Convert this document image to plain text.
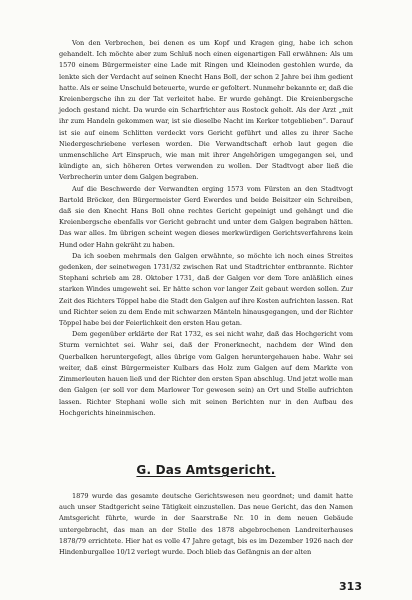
Von den Verbrechen, bei denen es um Kopf und Kragen ging, habe ich schon gehandelt. Ich möchte aber zum Schluß noch einen eigenartigen Fall erwähnen: Als um 1570 einem Bürgermeister eine Lade mit Ringen und Kleinoden gestohlen wurde, da lenkte sich der Verdacht auf seinen Knecht Hans Boll, der schon 2 Jahre bei ihm gedient hatte. Als er seine Unschuld beteuerte, wurde er gefoltert. Nunmehr bekannte er, daß die Kreienbergsche ihn zu der Tat verleitet habe. Er wurde gehängt. Die Kreienbergsche jedoch gestand nicht. Da wurde ein Scharfrichter aus Rostock geholt. Als der Arzt „mit ihr zum Handeln gekommen war, ist sie dieselbe Nacht im Kerker totgeblieben“. Darauf ist sie auf einem Schlitten verdeckt vors Gericht geführt und alles zu ihrer Sache Niedergeschriebene verlesen worden. Die Verwandtschaft erhob laut gegen die unmenschliche Art Einspruch, wie man mit ihrer Angehörigen umgegangen sei, und kündigte an, sich höheren Ortes verwenden zu wollen. Der Stadtvogt aber ließ die Verbrecherin unter dem Galgen begraben.

Auf die Beschwerde der Verwandten erging 1573 vom Fürsten an den Stadtvogt Bartold Bröcker, den Bürgermeister Gerd Ewerdes und beide Beisitzer ein Schreiben, daß sie den Knecht Hans Boll ohne rechtes Gericht gepeinigt und gehängt und die Kreienbergsche ebenfalls vor Gericht gebracht und unter dem Galgen begraben hätten. Das war alles. Im übrigen scheint wegen dieses merkwürdigen Gerichtsverfahrens kein Hund oder Hahn gekräht zu haben.

Da ich soeben mehrmals den Galgen erwähnte, so möchte ich noch eines Streites gedenken, der seinetwegen 1731/32 zwischen Rat und Stadtrichter entbrannte. Richter Stephani schrieb am 28. Oktober 1731, daß der Galgen vor dem Tore anläßlich eines starken Windes umgeweht sei. Er hätte schon vor langer Zeit gebaut werden sollen. Zur Zeit des Richters Töppel habe die Stadt den Galgen auf ihre Kosten aufrichten lassen. Rat und Richter seien zu dem Ende mit schwarzen Mänteln hinausgegangen, und der Richter Töppel habe bei der Feierlichkeit den ersten Hau getan.

Dem gegenüber erklärte der Rat 1732, es sei nicht wahr, daß das Hochgericht vom Sturm vernichtet sei. Wahr sei, daß der Fronerknecht, nachdem der Wind den Querbalken heruntergefegt, alles übrige vom Galgen heruntergehauen habe. Wahr sei weiter, daß einst Bürgermeister Kulbars das Holz zum Galgen auf dem Markte von Zimmerleuten hauen ließ und der Richter den ersten Span abschlug. Und jetzt wolle man den Galgen (er soll vor dem Marlower Tor gewesen sein) an Ort und Stelle aufrichten lassen. Richter Stephani wolle sich mit seinen Berichten nur in den Aufbau des Hochgerichts hineinmischen.

G. Das Amtsgericht.

1879 wurde das gesamte deutsche Gerichtswesen neu geordnet; und damit hatte auch unser Stadtgericht seine Tätigkeit einzustellen. Das neue Gericht, das den Namen Amtsgericht führte, wurde in der Saarstraße Nr. 10 in dem neuen Gebäude untergebracht, das man an der Stelle des 1878 abgebrochenen Landreiterhauses 1878/79 errichtete. Hier hat es volle 47 Jahre getagt, bis es im Dezember 1926 nach der Hindenburgallee 10/12 verlegt wurde. Doch blieb das Gefängnis an der alten

313
